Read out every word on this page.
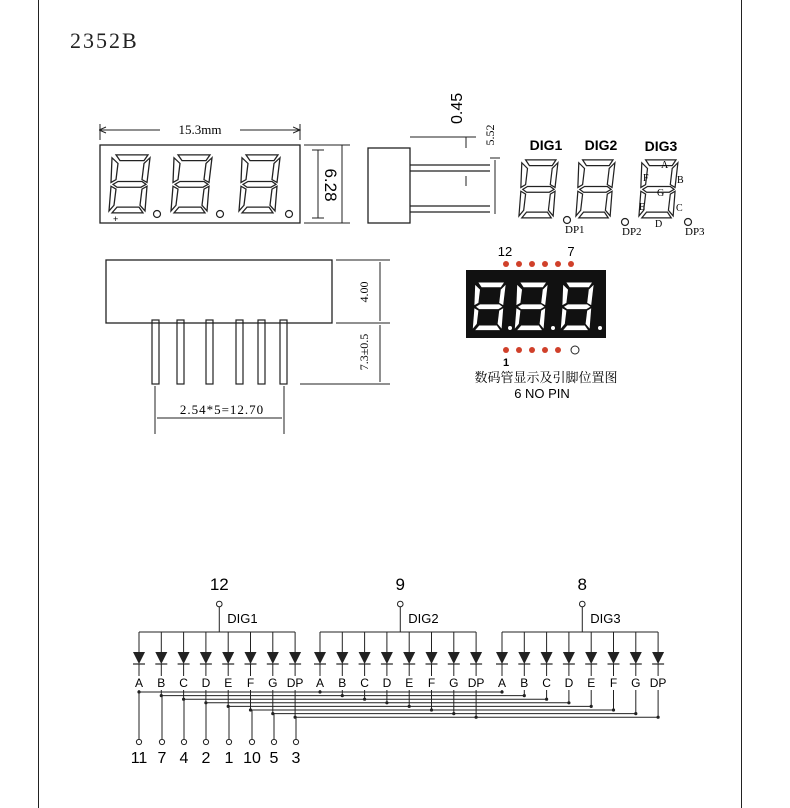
2352B
+
15.3mm
6.28
0.45
5.52
4.00
7.3±0.5
2.54*5=12.70
DIG1 DIG2 DIG3
DP1	DP2	DP3
A
B
C
D
E
F
G
12	7
1
数码管显示及引脚位置图
6 NO PIN
12
DIG1
A B C D E F G DP
9
DIG2
A B C D E F G DP
8
DIG3
A B C D E F G DP
11 7 4 2 1 10 5 3
